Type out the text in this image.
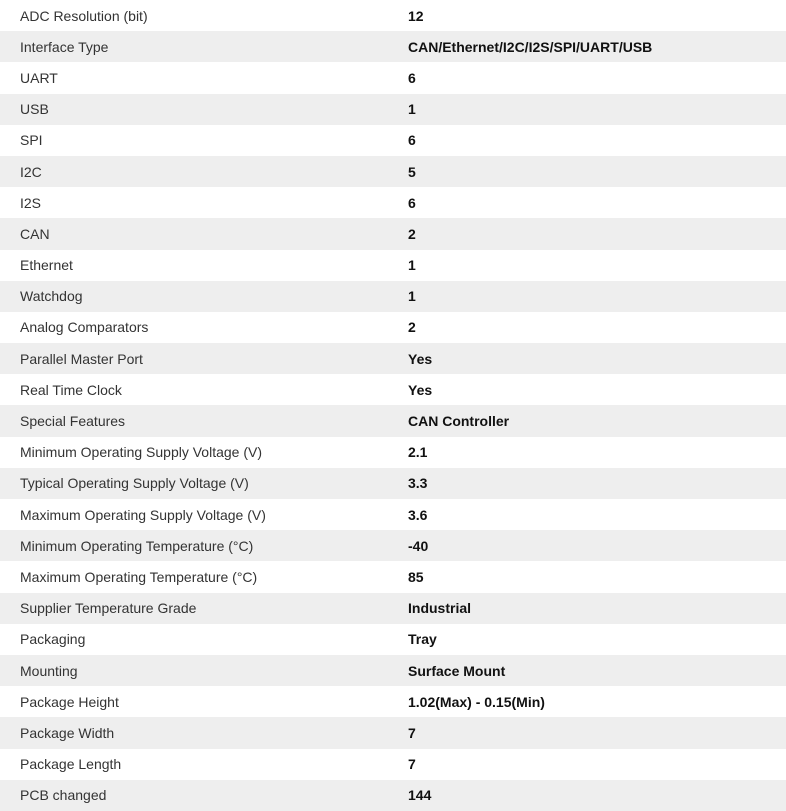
ADC Resolution (bit)	12
Interface Type	CAN/Ethernet/I2C/I2S/SPI/UART/USB
UART	6
USB	1
SPI	6
I2C	5
I2S	6
CAN	2
Ethernet	1
Watchdog	1
Analog Comparators	2
Parallel Master Port	Yes
Real Time Clock	Yes
Special Features	CAN Controller
Minimum Operating Supply Voltage (V)	2.1
Typical Operating Supply Voltage (V)	3.3
Maximum Operating Supply Voltage (V)	3.6
Minimum Operating Temperature (°C)	-40
Maximum Operating Temperature (°C)	85
Supplier Temperature Grade	Industrial
Packaging	Tray
Mounting	Surface Mount
Package Height	1.02(Max) - 0.15(Min)
Package Width	7
Package Length	7
PCB changed	144
